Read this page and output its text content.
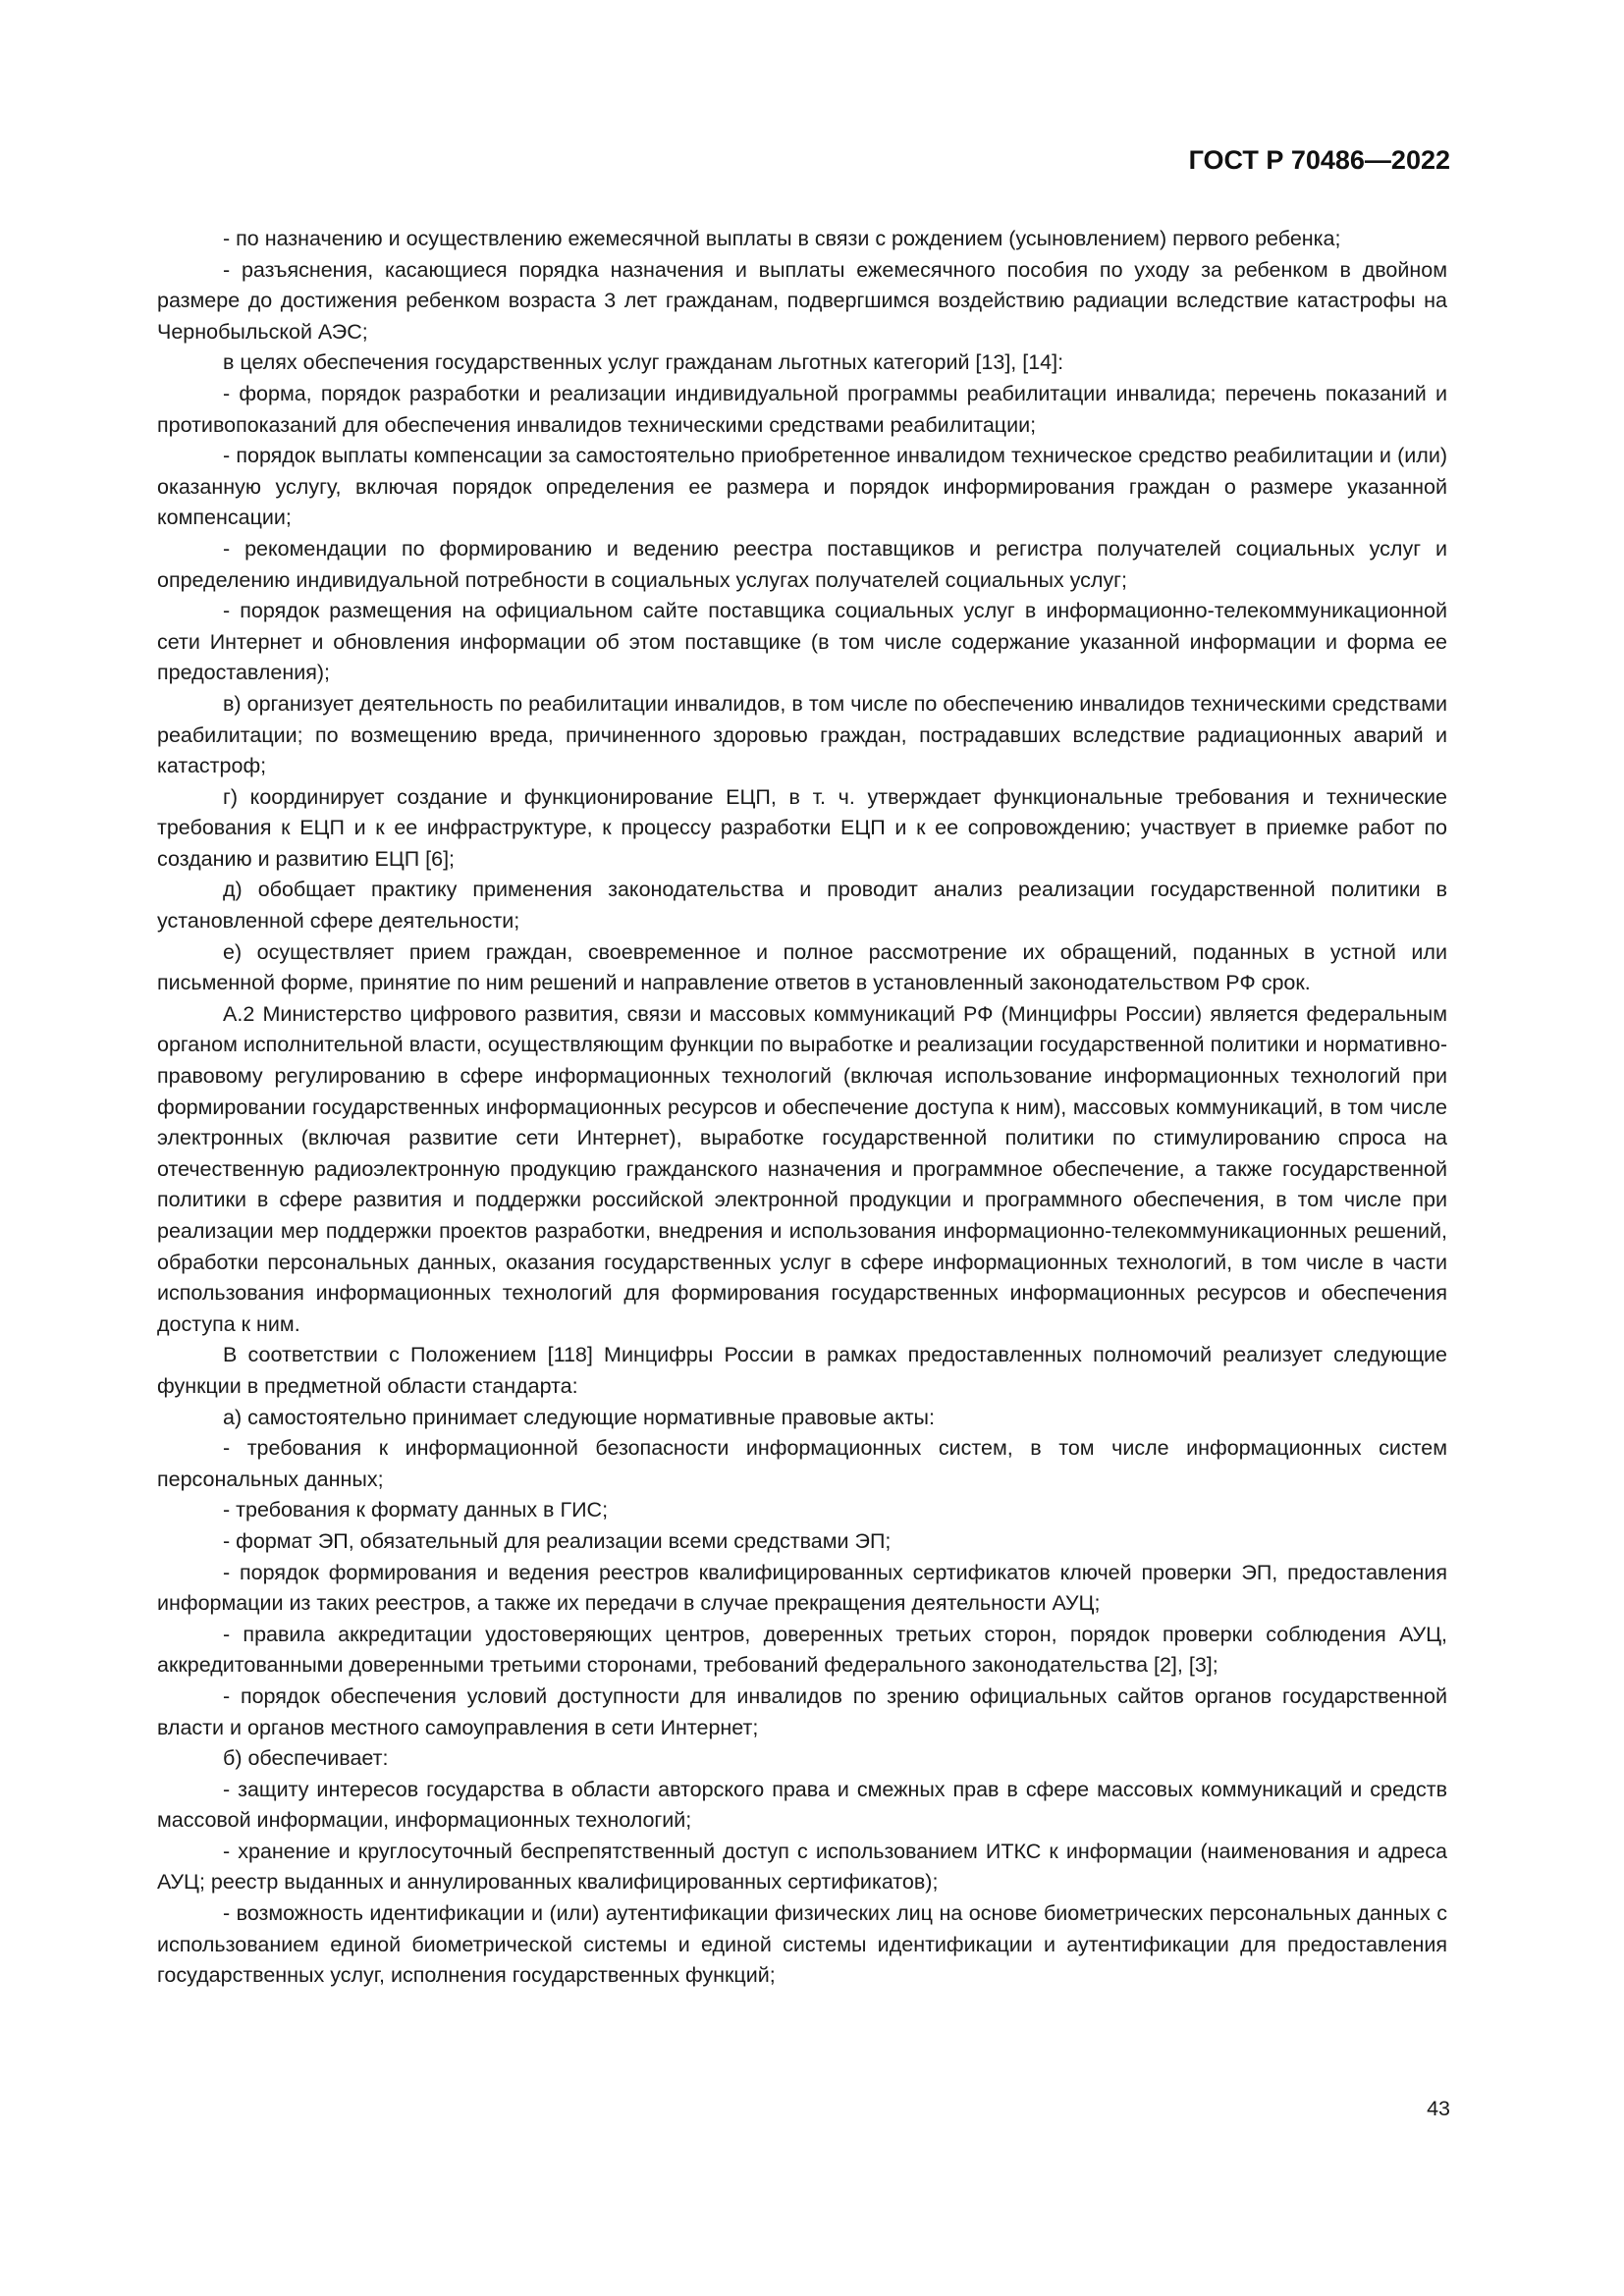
ГОСТ Р 70486—2022

- по назначению и осуществлению ежемесячной выплаты в связи с рождением (усыновлением) первого ребенка;

- разъяснения, касающиеся порядка назначения и выплаты ежемесячного пособия по уходу за ребенком в двойном размере до достижения ребенком возраста 3 лет гражданам, подвергшимся воздействию радиации вследствие катастрофы на Чернобыльской АЭС;

в целях обеспечения государственных услуг гражданам льготных категорий [13], [14]:

- форма, порядок разработки и реализации индивидуальной программы реабилитации инвалида; перечень показаний и противопоказаний для обеспечения инвалидов техническими средствами реабилитации;

- порядок выплаты компенсации за самостоятельно приобретенное инвалидом техническое средство реабилитации и (или) оказанную услугу, включая порядок определения ее размера и порядок информирования граждан о размере указанной компенсации;

- рекомендации по формированию и ведению реестра поставщиков и регистра получателей социальных услуг и определению индивидуальной потребности в социальных услугах получателей социальных услуг;

- порядок размещения на официальном сайте поставщика социальных услуг в информационно-телекоммуникационной сети Интернет и обновления информации об этом поставщике (в том числе содержание указанной информации и форма ее предоставления);

в) организует деятельность по реабилитации инвалидов, в том числе по обеспечению инвалидов техническими средствами реабилитации; по возмещению вреда, причиненного здоровью граждан, пострадавших вследствие радиационных аварий и катастроф;

г) координирует создание и функционирование ЕЦП, в т. ч. утверждает функциональные требования и технические требования к ЕЦП и к ее инфраструктуре, к процессу разработки ЕЦП и к ее сопровождению; участвует в приемке работ по созданию и развитию ЕЦП [6];

д) обобщает практику применения законодательства и проводит анализ реализации государственной политики в установленной сфере деятельности;

е) осуществляет прием граждан, своевременное и полное рассмотрение их обращений, поданных в устной или письменной форме, принятие по ним решений и направление ответов в установленный законодательством РФ срок.

А.2 Министерство цифрового развития, связи и массовых коммуникаций РФ (Минцифры России) является федеральным органом исполнительной власти, осуществляющим функции по выработке и реализации государственной политики и нормативно-правовому регулированию в сфере информационных технологий (включая использование информационных технологий при формировании государственных информационных ресурсов и обеспечение доступа к ним), массовых коммуникаций, в том числе электронных (включая развитие сети Интернет), выработке государственной политики по стимулированию спроса на отечественную радиоэлектронную продукцию гражданского назначения и программное обеспечение, а также государственной политики в сфере развития и поддержки российской электронной продукции и программного обеспечения, в том числе при реализации мер поддержки проектов разработки, внедрения и использования информационно-телекоммуникационных решений, обработки персональных данных, оказания государственных услуг в сфере информационных технологий, в том числе в части использования информационных технологий для формирования государственных информационных ресурсов и обеспечения доступа к ним.

В соответствии с Положением [118] Минцифры России в рамках предоставленных полномочий реализует следующие функции в предметной области стандарта:

а) самостоятельно принимает следующие нормативные правовые акты:

- требования к информационной безопасности информационных систем, в том числе информационных систем персональных данных;

- требования к формату данных в ГИС;

- формат ЭП, обязательный для реализации всеми средствами ЭП;

- порядок формирования и ведения реестров квалифицированных сертификатов ключей проверки ЭП, предоставления информации из таких реестров, а также их передачи в случае прекращения деятельности АУЦ;

- правила аккредитации удостоверяющих центров, доверенных третьих сторон, порядок проверки соблюдения АУЦ, аккредитованными доверенными третьими сторонами, требований федерального законодательства [2], [3];

- порядок обеспечения условий доступности для инвалидов по зрению официальных сайтов органов государственной власти и органов местного самоуправления в сети Интернет;

б) обеспечивает:

- защиту интересов государства в области авторского права и смежных прав в сфере массовых коммуникаций и средств массовой информации, информационных технологий;

- хранение и круглосуточный беспрепятственный доступ с использованием ИТКС к информации (наименования и адреса АУЦ; реестр выданных и аннулированных квалифицированных сертификатов);

- возможность идентификации и (или) аутентификации физических лиц на основе биометрических персональных данных с использованием единой биометрической системы и единой системы идентификации и аутентификации для предоставления государственных услуг, исполнения государственных функций;

43
